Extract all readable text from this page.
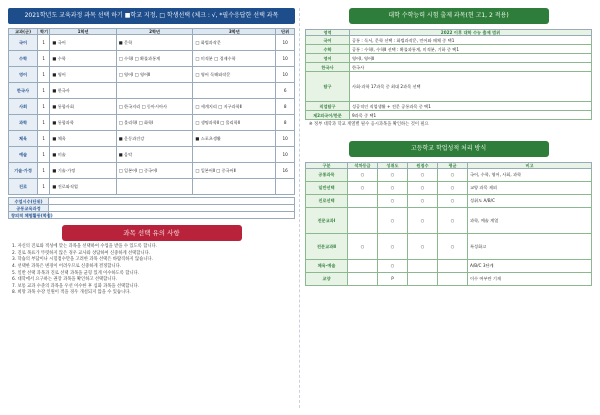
2021학년도 교육과정 과목 선택 하기 ■학교 지정, □ 학생선택 (체크 : √, *필수응답한 선택 과목
교과(군)	학기	1학년	2학년	3학년	단위
국어	1	■ 국어	■ 문학	□ 화법과작문	10
수학	1	■ 수학	□ 수학Ⅰ □ 확률과통계	□ 미적분 □ 경제수학	10
영어	1	■ 영어	□ 영어Ⅰ □ 영어Ⅱ	□ 영어 독해와작문	10
한국사	1	■ 한국사			6
사회	1	■ 통합사회	□ 한국지리 □ 동아시아사	□ 세계지리 □ 지구과학Ⅱ	8
과학	1	■ 통합과학	□ 물리학Ⅰ □ 화학Ⅰ	□ 생명과학Ⅱ □ 물리학Ⅱ	8
체육	1	■ 체육	■ 운동과건강	■ 스포츠생활	10
예술	1	■ 미술	■ 음악		10
기술·가정	1	■ 기술·가정	□ 일본어Ⅰ □ 중국어Ⅰ	□ 일본어Ⅱ □ 중국어Ⅱ	16
진로	1	■ 진로와직업			
수업시수(단위)	
공동교육과정	
창의적 체험활동(학점)	
과목 선택 유의 사항

1. 자신의 진로와 적성에 맞는 과목을 선택하여 수업을 받을 수 있도록 합니다.

2. 진로 목표가 뚜렷하지 않은 경우 교사와 상담하여 신중하게 선택합니다.

3. 학습의 부담이나 시험점수만을 고려한 과목 선택은 바람직하지 않습니다.

4. 선택한 과목은 변경이 어려우므로 신중하게 결정합니다.

5. 일반 선택 과목과 진로 선택 과목을 균형 있게 이수하도록 합니다.

6. 대학에서 요구하는 권장 과목을 확인하고 선택합니다.

7. 보통 교과 수준의 과목을 우선 이수한 후 심화 과목을 선택합니다.

8. 희망 과목 수강 인원이 적을 경우 개설되지 않을 수 있습니다.

대학 수학능력 시험 출제 과목(현 고1, 2 적용)
영역	2022 이후 대학 수능 출제 범위
국어	공통 : 독서, 문학 선택 : 화법과작문, 언어와 매체 중 택1
수학	공통 : 수학Ⅰ, 수학Ⅱ 선택 : 확률과통계, 미적분, 기하 중 택1
영어	영어Ⅰ, 영어Ⅱ
한국사	한국사
탐구	사회·과학 17과목 중 최대 2과목 선택
직업탐구	성공적인 직업생활 + 전문 공통과목 중 택1
제2외국어/한문	9과목 중 택1
※ 정부 대학과 학교 계열별 필수 응시과목을 확인하는 것이 필요
고등학교 학업성적 처리 방식
구분	석차등급	성취도	원점수	평균	비고
공통과목	○	○	○	○	국어, 수학, 영어, 사회, 과학
일반선택	○	○	○	○	교양 과목 제외
진로선택		○	○	○	성취도 A/B/C
전문교과Ⅰ		○	○	○	과학, 예술 계열
전문교과Ⅱ	○	○	○	○	특성화고
체육·예술		○			A/B/C 3단계
교양		P			이수 여부만 기재
